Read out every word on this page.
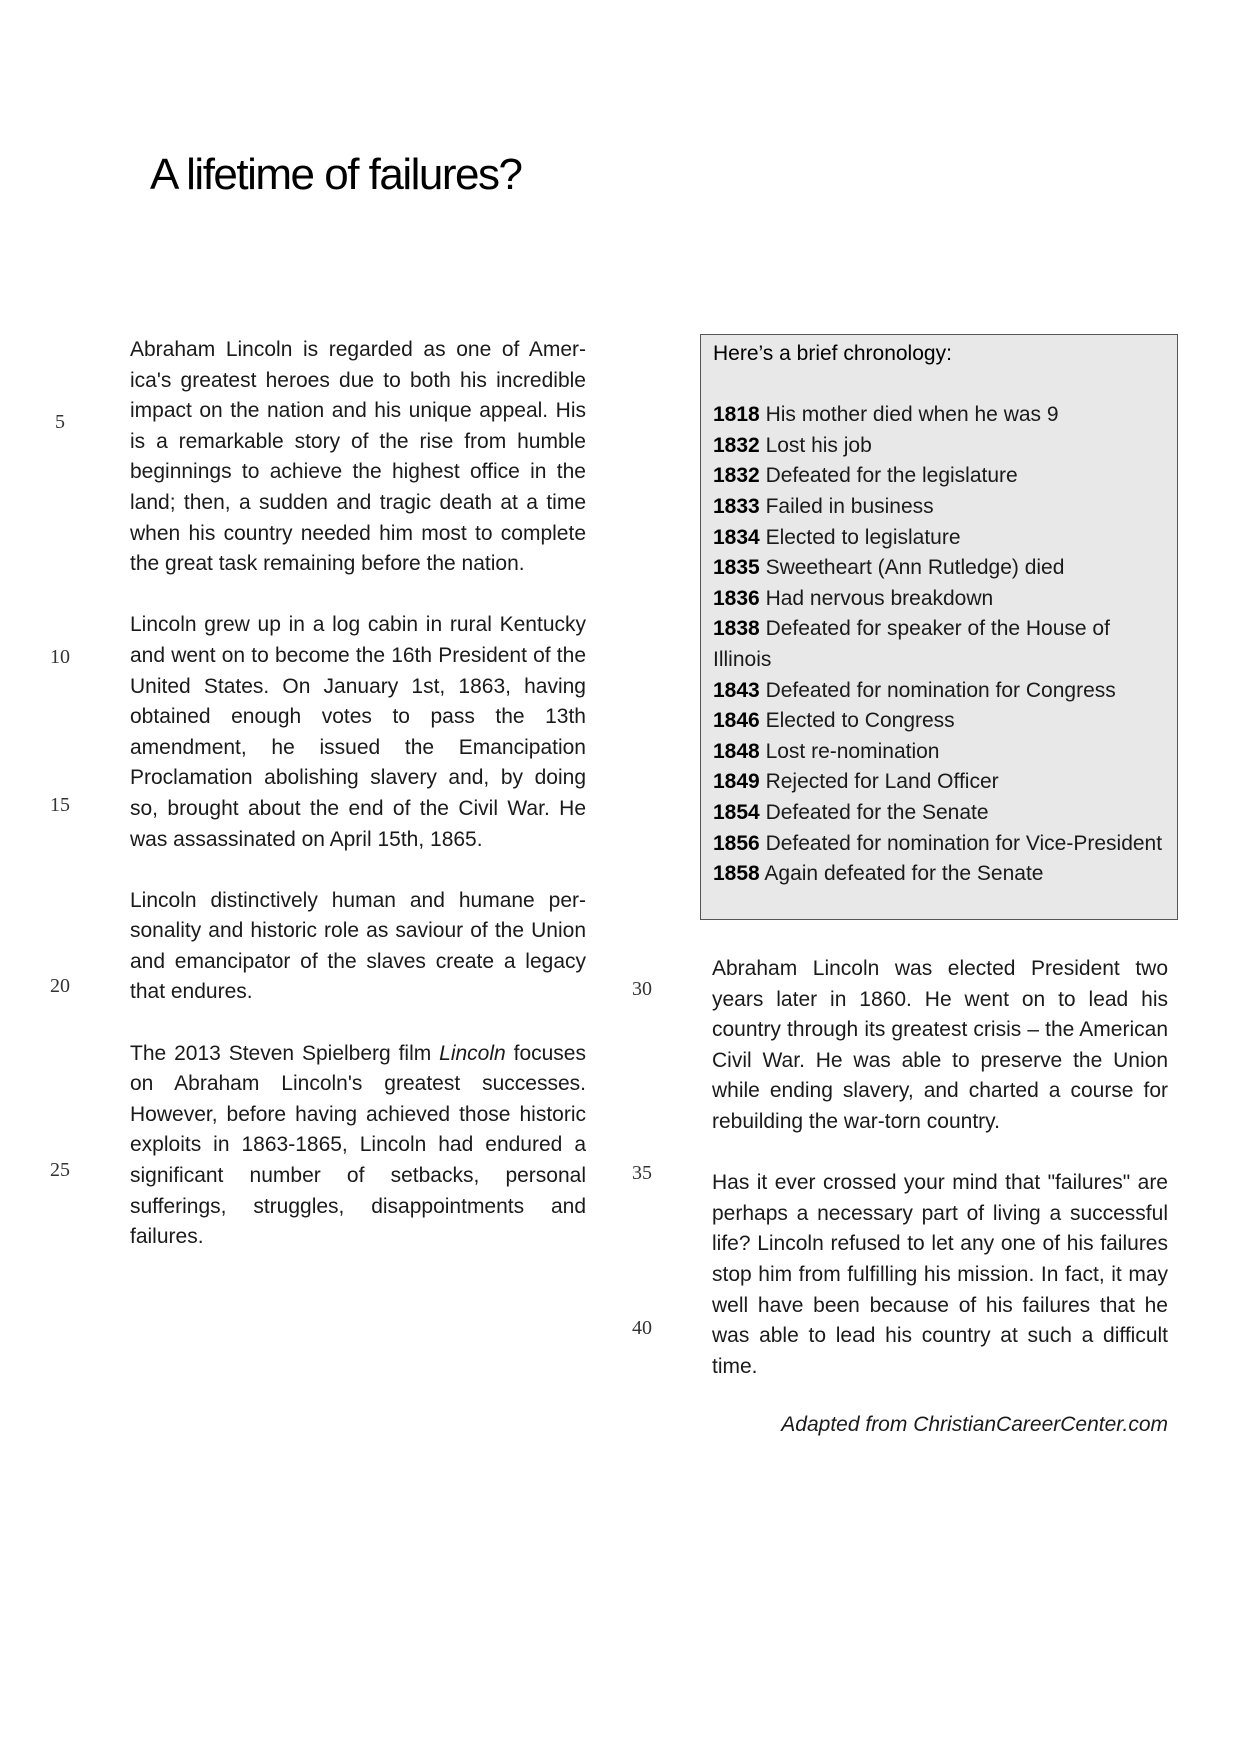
A lifetime of failures?

Abraham Lincoln is regarded as one of America's greatest heroes due to both his incredible impact on the nation and his unique appeal. His is a remarkable story of the rise from humble beginnings to achieve the highest office in the land; then, a sudden and tragic death at a time when his country needed him most to complete the great task remaining before the nation.

Lincoln grew up in a log cabin in rural Kentucky and went on to become the 16th President of the United States. On January 1st, 1863, having obtained enough votes to pass the 13th amendment, he issued the Emancipation Proclamation abolishing slavery and, by doing so, brought about the end of the Civil War. He was assassinated on April 15th, 1865.

Lincoln distinctively human and humane personality and historic role as saviour of the Union and emancipator of the slaves create a legacy that endures.

The 2013 Steven Spielberg film Lincoln focuses on Abraham Lincoln's greatest successes. However, before having achieved those historic exploits in 1863-1865, Lincoln had endured a significant number of setbacks, personal sufferings, struggles, disappointments and failures.

5
10
15
20
25
Here’s a brief chronology:
1818 His mother died when he was 9
1832 Lost his job
1832 Defeated for the legislature
1833 Failed in business
1834 Elected to legislature
1835 Sweetheart (Ann Rutledge) died
1836 Had nervous breakdown
1838 Defeated for speaker of the House of Illinois
1843 Defeated for nomination for Congress
1846 Elected to Congress
1848 Lost re-nomination
1849 Rejected for Land Officer
1854 Defeated for the Senate
1856 Defeated for nomination for Vice-President
1858 Again defeated for the Senate

Abraham Lincoln was elected President two years later in 1860. He went on to lead his country through its greatest crisis – the American Civil War. He was able to preserve the Union while ending slavery, and charted a course for rebuilding the war-torn country.

Has it ever crossed your mind that "failures" are perhaps a necessary part of living a successful life? Lincoln refused to let any one of his failures stop him from fulfilling his mission. In fact, it may well have been because of his failures that he was able to lead his country at such a difficult time.

30
35
40
Adapted from ChristianCareerCenter.com
